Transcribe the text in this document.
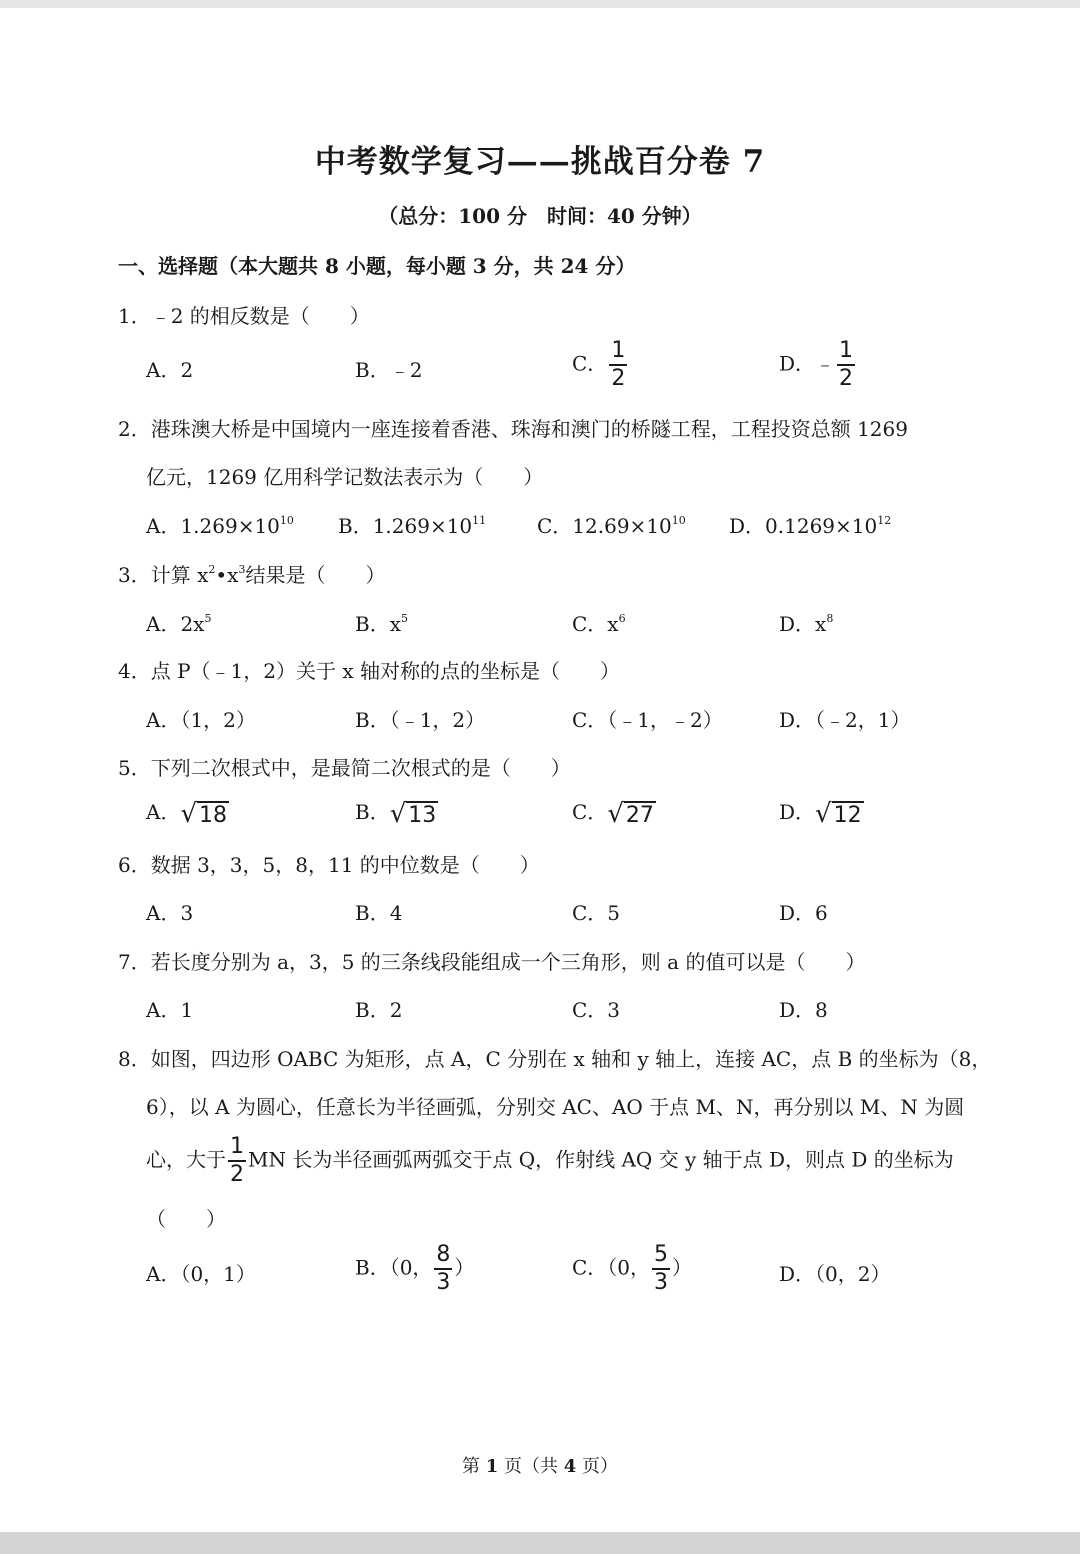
中考数学复习——挑战百分卷 7
（总分：100 分　时间：40 分钟）
一、选择题（本大题共 8 小题，每小题 3 分，共 24 分）
1．﹣2 的相反数是（　　）
A．2	B．﹣2	C． $\frac{1}{2}$	D．﹣ $\frac{1}{2}$
2．港珠澳大桥是中国境内一座连接着香港、珠海和澳门的桥隧工程，工程投资总额 1269
亿元，1269 亿用科学记数法表示为（　　）
A．$1.269\times 10^{10}$ B．$1.269\times 10^{11}$	C．$12.69\times 10^{10}$ D．$0.1269\times 10^{12}$
3．计算 $x^2•x^3$结果是（　　）
A．$2x^5$	B．$x^5$	C．$x^6$	D．$x^8$
4．点 P（﹣1，2）关于 x 轴对称的点的坐标是（　　）
A．（1，2）	B．（﹣1，2）	C．（﹣1，﹣2）	D．（﹣2，1）
5．下列二次根式中，是最简二次根式的是（　　）
A． √ 18	B． √ 13	C． √ 27	D． √ 12
6．数据 3，3，5，8，11 的中位数是（　　）
A．3	B．4	C．5	D．6
7．若长度分别为 a，3，5 的三条线段能组成一个三角形，则 a 的值可以是（　　）
A．1	B．2	C．3	D．8
8．如图，四边形 OABC 为矩形，点 A，C 分别在 x 轴和 y 轴上，连接 AC，点 B 的坐标为（8，
6），以 A 为圆心，任意长为半径画弧，分别交 AC、AO 于点 M、N，再分别以 M、N 为圆
心，大于 $\frac{1}{2}$ MN 长为半径画弧两弧交于点 Q，作射线 AQ 交 y 轴于点 D，则点 D 的坐标为
（　　）
A．（0，1）	B．（0， $\frac{8}{3}$ ）	C．（0， $\frac{5}{3}$ ）	D．（0，2）
第 1 页（共 4 页）
